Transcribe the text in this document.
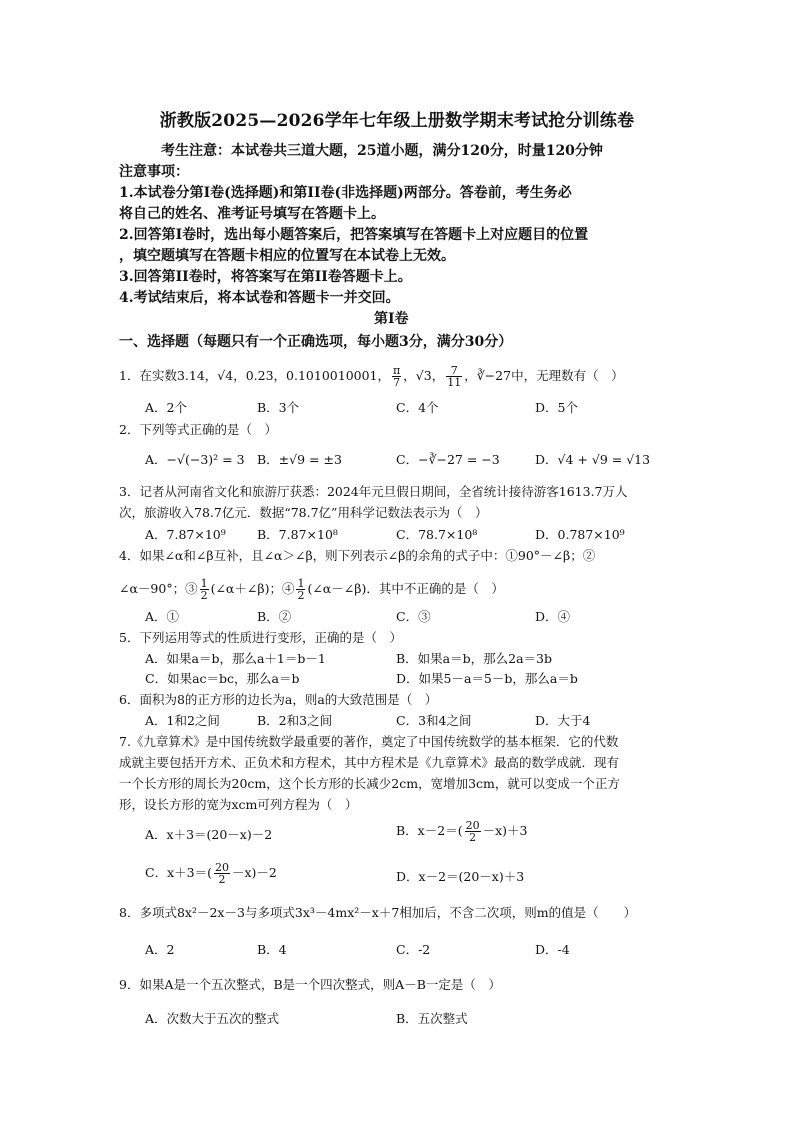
浙教版2025—2026学年七年级上册数学期末考试抢分训练卷
考生注意：本试卷共三道大题，25道小题，满分120分，时量120分钟
注意事项：
1.本试卷分第Ⅰ卷(选择题)和第II卷(非选择题)两部分。答卷前，考生务必
将自己的姓名、准考证号填写在答题卡上。
2.回答第Ⅰ卷时，选出每小题答案后，把答案填写在答题卡上对应题目的位置
，填空题填写在答题卡相应的位置写在本试卷上无效。
3.回答第II卷时，将答案写在第II卷答题卡上。
4.考试结束后，将本试卷和答题卡一并交回。
第Ⅰ卷
一、选择题（每题只有一个正确选项，每小题3分，满分30分）
1．在实数3.14，√4，0.23，0.1010010001， $\frac{\pi}{7}$ ，√3， $\frac{7}{11}$ ，∛−27中，无理数有（　）
A．2个	B．3个	C．4个	D．5个
2．下列等式正确的是（　）
A．−√(−3)² = 3 B．±√9 = ±3	C．−∛−27 = −3	D．√4 + √9 = √13
3．记者从河南省文化和旅游厅获悉：2024年元旦假日期间，全省统计接待游客1613.7万人
次，旅游收入78.7亿元．数据“78.7亿”用科学记数法表示为（　）
A．7.87×10⁹	B．7.87×10⁸	C．78.7×10⁸	D．0.787×10⁹
4．如果∠α和∠β互补，且∠α＞∠β，则下列表示∠β的余角的式子中：①90°－∠β；②
∠α－90°；③ $\frac{1}{2}$ (∠α＋∠β)；④ $\frac{1}{2}$ (∠α－∠β)．其中不正确的是（　）
A．①	B．②	C．③	D．④
5．下列运用等式的性质进行变形，正确的是（　）
A．如果a＝b，那么a＋1＝b－1	B．如果a＝b，那么2a＝3b
C．如果ac＝bc，那么a＝b	D．如果5－a＝5－b，那么a＝b
6．面积为8的正方形的边长为a，则a的大致范围是（　）
A．1和2之间	B．2和3之间	C．3和4之间	D．大于4
7.《九章算术》是中国传统数学最重要的著作，奠定了中国传统数学的基本框架．它的代数
成就主要包括开方术、正负术和方程术，其中方程术是《九章算术》最高的数学成就．现有
一个长方形的周长为20cm，这个长方形的长减少2cm，宽增加3cm，就可以变成一个正方
形，设长方形的宽为xcm可列方程为（　）
A．x＋3＝(20－x)－2	B．$x-2=( \frac{20}{2} -x)+3$
C．$x+3=( \frac{20}{2} -x)-2$	D．x－2＝(20－x)＋3
8．多项式8x²－2x－3与多项式3x³－4mx²－x＋7相加后，不含二次项，则m的值是（　　）
A．2	B．4	C．-2	D．-4
9．如果A是一个五次整式，B是一个四次整式，则A－B一定是（　）
A．次数大于五次的整式	B．五次整式
